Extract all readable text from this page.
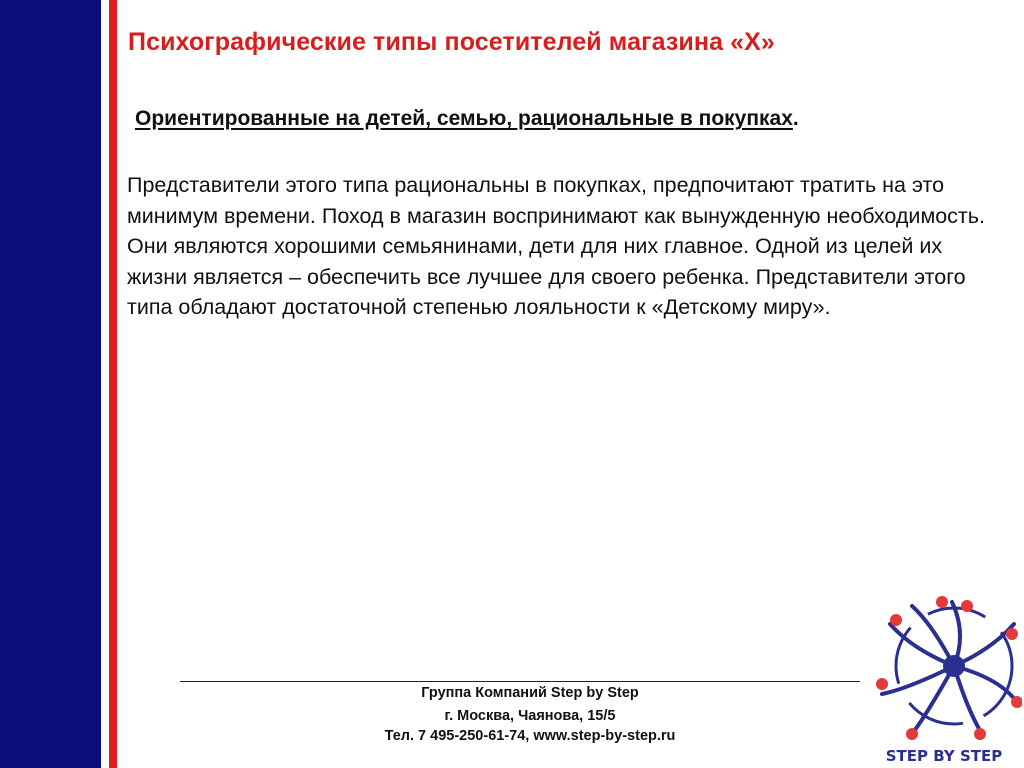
Психографические типы посетителей магазина «X»
Ориентированные на детей, семью, рациональные в покупках.
Представители этого типа рациональны в покупках, предпочитают тратить на это минимум времени. Поход в магазин воспринимают как вынужденную необходимость. Они являются хорошими семьянинами, дети для них главное. Одной из целей их жизни является – обеспечить все лучшее для своего ребенка. Представители этого типа обладают достаточной степенью лояльности к «Детскому миру».
Группа Компаний Step by Step
г. Москва, Чаянова, 15/5
Тел. 7 495-250-61-74, www.step-by-step.ru
STEP BY STEP
